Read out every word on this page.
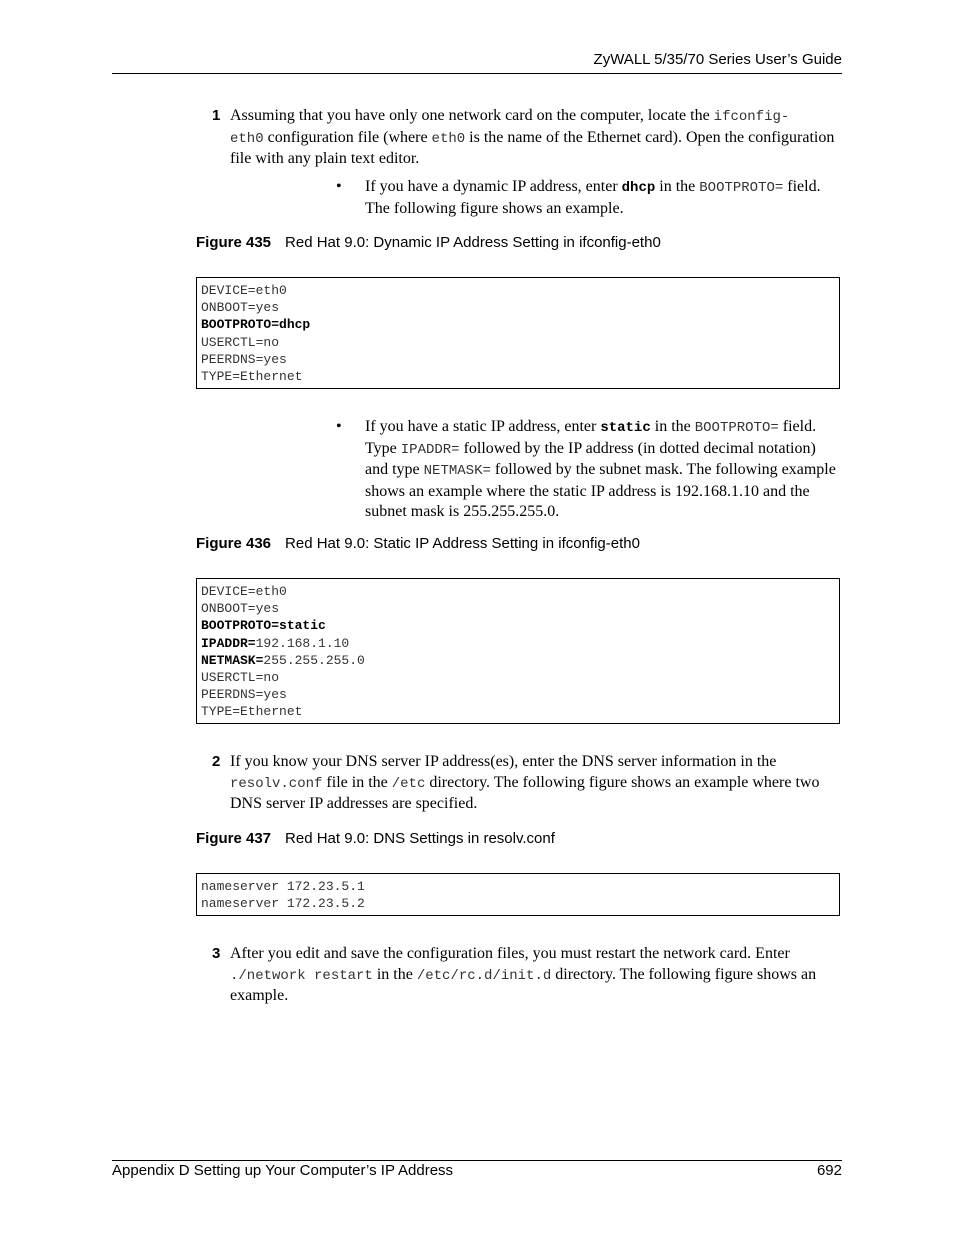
ZyWALL 5/35/70 Series User’s Guide
1 Assuming that you have only one network card on the computer, locate the ifconfig-
eth0 configuration file (where eth0 is the name of the Ethernet card). Open the configuration file with any plain text editor.
• If you have a dynamic IP address, enter dhcp in the BOOTPROTO= field. The following figure shows an example.
Figure 435 Red Hat 9.0: Dynamic IP Address Setting in ifconfig-eth0
DEVICE=eth0
ONBOOT=yes
BOOTPROTO=dhcp
USERCTL=no
PEERDNS=yes
TYPE=Ethernet
• If you have a static IP address, enter static in the BOOTPROTO= field. Type IPADDR= followed by the IP address (in dotted decimal notation) and type NETMASK= followed by the subnet mask. The following example shows an example where the static IP address is 192.168.1.10 and the subnet mask is 255.255.255.0.
Figure 436 Red Hat 9.0: Static IP Address Setting in ifconfig-eth0
DEVICE=eth0
ONBOOT=yes
BOOTPROTO=static
IPADDR=192.168.1.10
NETMASK=255.255.255.0
USERCTL=no
PEERDNS=yes
TYPE=Ethernet
2 If you know your DNS server IP address(es), enter the DNS server information in the resolv.conf file in the /etc directory. The following figure shows an example where two DNS server IP addresses are specified.
Figure 437 Red Hat 9.0: DNS Settings in resolv.conf
nameserver 172.23.5.1
nameserver 172.23.5.2
3 After you edit and save the configuration files, you must restart the network card. Enter ./network restart in the /etc/rc.d/init.d directory. The following figure shows an example.
Appendix D Setting up Your Computer’s IP Address	692
